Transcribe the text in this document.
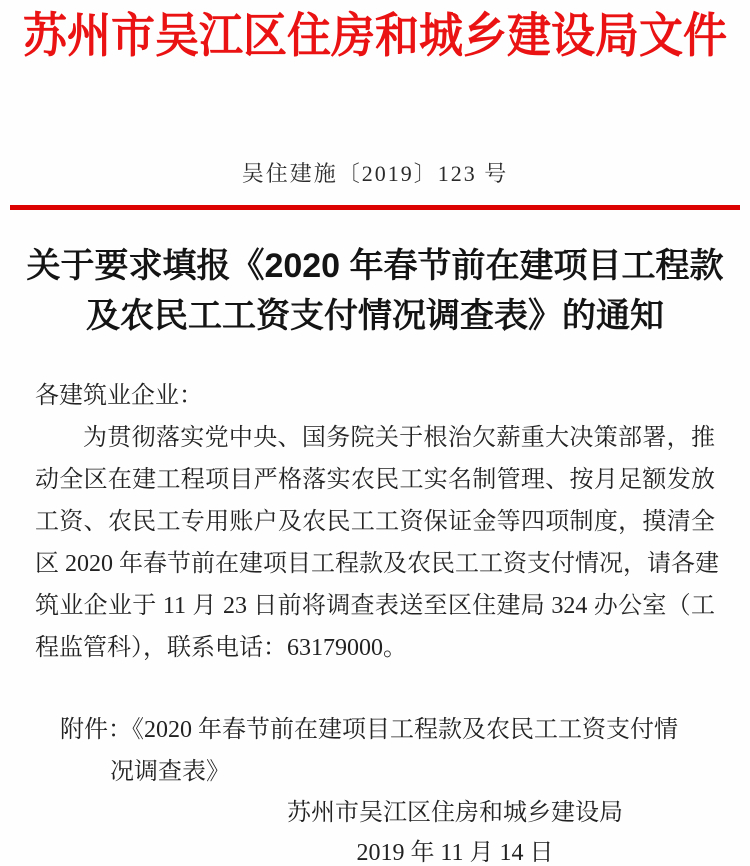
苏州市吴江区住房和城乡建设局文件
吴住建施〔2019〕123 号
关于要求填报《2020 年春节前在建项目工程款
及农民工工资支付情况调查表》的通知
各建筑业企业：
为贯彻落实党中央、国务院关于根治欠薪重大决策部署，推
动全区在建工程项目严格落实农民工实名制管理、按月足额发放
工资、农民工专用账户及农民工工资保证金等四项制度，摸清全
区 2020 年春节前在建项目工程款及农民工工资支付情况，请各建
筑业企业于 11 月 23 日前将调查表送至区住建局 324 办公室（工
程监管科），联系电话：63179000。
附件：《2020 年春节前在建项目工程款及农民工工资支付情
况调查表》
苏州市吴江区住房和城乡建设局
2019 年 11 月 14 日
